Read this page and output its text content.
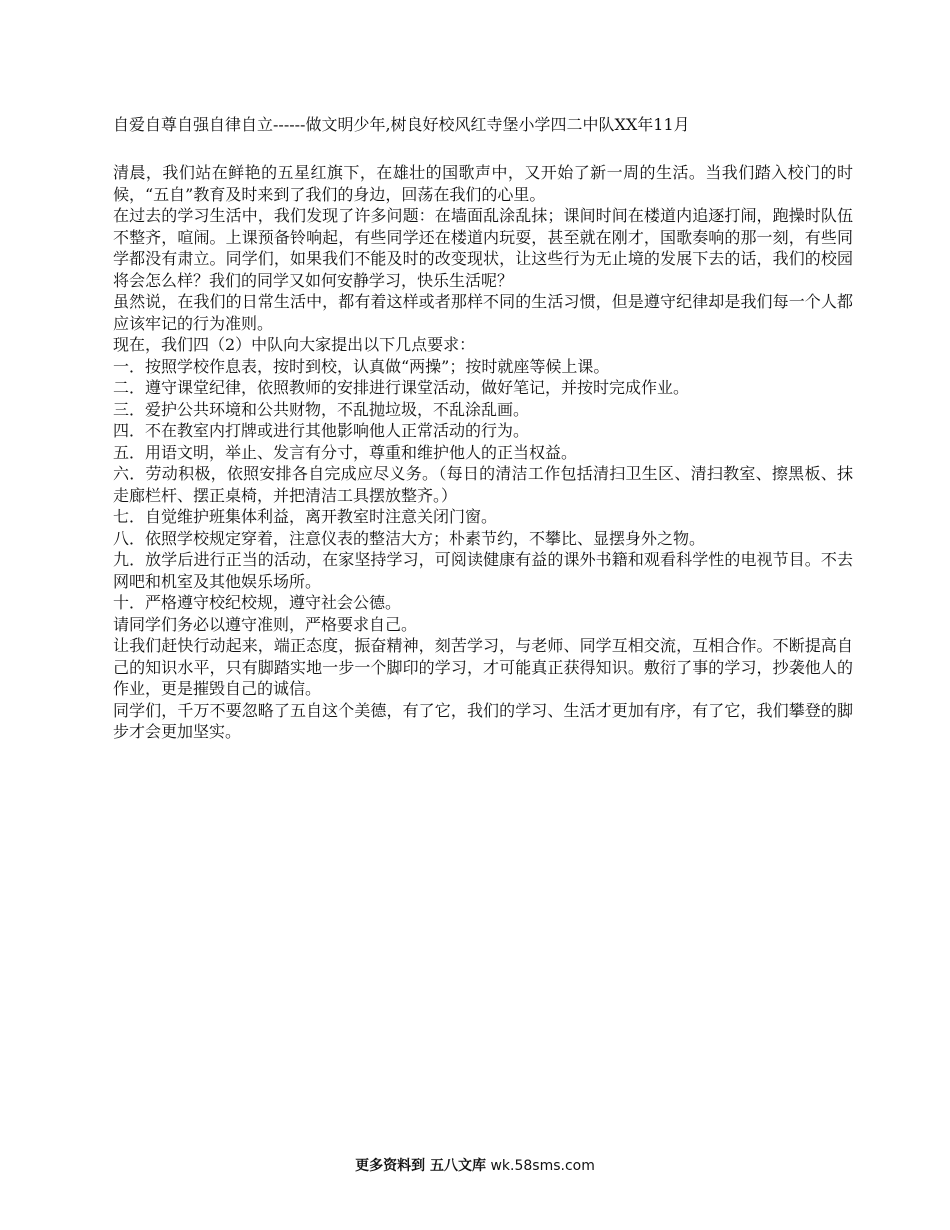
自爱自尊自强自律自立------做文明少年,树良好校风红寺堡小学四二中队XX年11月

清晨，我们站在鲜艳的五星红旗下，在雄壮的国歌声中，又开始了新一周的生活。当我们踏入校门的时候，“五自”教育及时来到了我们的身边，回荡在我们的心里。

在过去的学习生活中，我们发现了许多问题：在墙面乱涂乱抹；课间时间在楼道内追逐打闹，跑操时队伍不整齐，喧闹。上课预备铃响起，有些同学还在楼道内玩耍，甚至就在刚才，国歌奏响的那一刻，有些同学都没有肃立。同学们，如果我们不能及时的改变现状，让这些行为无止境的发展下去的话，我们的校园将会怎么样？我们的同学又如何安静学习，快乐生活呢？

虽然说，在我们的日常生活中，都有着这样或者那样不同的生活习惯，但是遵守纪律却是我们每一个人都应该牢记的行为准则。

现在，我们四（2）中队向大家提出以下几点要求：

一．按照学校作息表，按时到校，认真做“两操”；按时就座等候上课。

二．遵守课堂纪律，依照教师的安排进行课堂活动，做好笔记，并按时完成作业。

三．爱护公共环境和公共财物，不乱抛垃圾，不乱涂乱画。

四．不在教室内打牌或进行其他影响他人正常活动的行为。

五．用语文明，举止、发言有分寸，尊重和维护他人的正当权益。

六．劳动积极，依照安排各自完成应尽义务。（每日的清洁工作包括清扫卫生区、清扫教室、擦黑板、抹走廊栏杆、摆正桌椅，并把清洁工具摆放整齐。）

七．自觉维护班集体利益，离开教室时注意关闭门窗。

八．依照学校规定穿着，注意仪表的整洁大方；朴素节约，不攀比、显摆身外之物。

九．放学后进行正当的活动，在家坚持学习，可阅读健康有益的课外书籍和观看科学性的电视节目。不去网吧和机室及其他娱乐场所。

十．严格遵守校纪校规，遵守社会公德。

请同学们务必以遵守准则，严格要求自己。

让我们赶快行动起来，端正态度，振奋精神，刻苦学习，与老师、同学互相交流，互相合作。不断提高自己的知识水平，只有脚踏实地一步一个脚印的学习，才可能真正获得知识。敷衍了事的学习，抄袭他人的作业，更是摧毁自己的诚信。

同学们，千万不要忽略了五自这个美德，有了它，我们的学习、生活才更加有序，有了它，我们攀登的脚步才会更加坚实。

更多资料到 五八文库 wk.58sms.com
